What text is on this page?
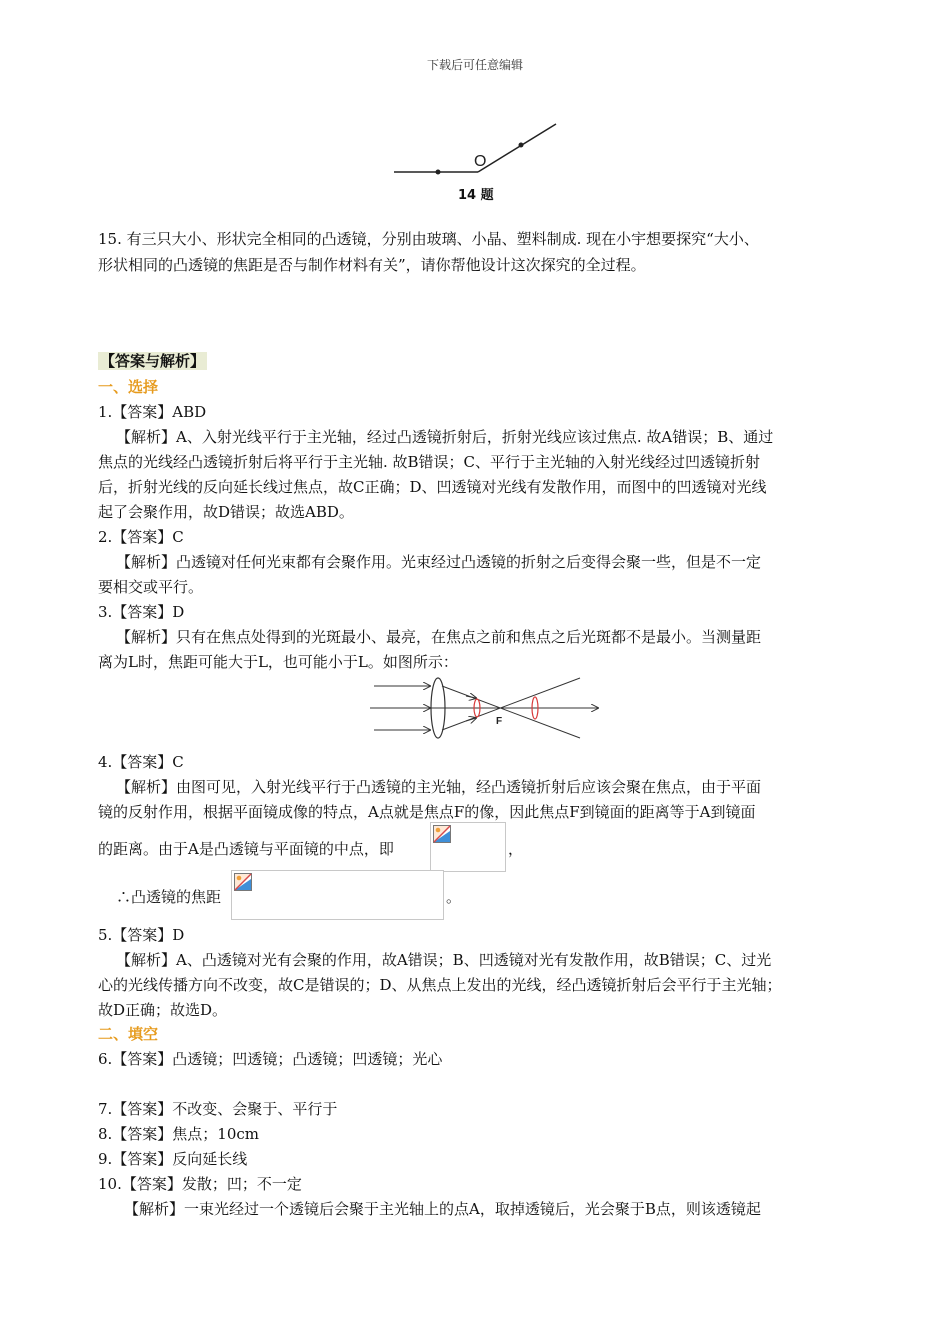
下载后可任意编辑
O
14 题
15. 有三只大小、形状完全相同的凸透镜，分别由玻璃、小晶、塑料制成. 现在小宇想要探究“大小、
形状相同的凸透镜的焦距是否与制作材料有关”，请你帮他设计这次探究的全过程。
【答案与解析】
一、选择
1.【答案】ABD
【解析】A、入射光线平行于主光轴，经过凸透镜折射后，折射光线应该过焦点. 故A错误；B、通过
焦点的光线经凸透镜折射后将平行于主光轴. 故B错误；C、平行于主光轴的入射光线经过凹透镜折射
后，折射光线的反向延长线过焦点，故C正确；D、凹透镜对光线有发散作用，而图中的凹透镜对光线
起了会聚作用，故D错误；故选ABD。
2.【答案】C
【解析】凸透镜对任何光束都有会聚作用。光束经过凸透镜的折射之后变得会聚一些，但是不一定
要相交或平行。
3.【答案】D
【解析】只有在焦点处得到的光斑最小、最亮，在焦点之前和焦点之后光斑都不是最小。当测量距
离为L时，焦距可能大于L，也可能小于L。如图所示：
F
4.【答案】C
【解析】由图可见，入射光线平行于凸透镜的主光轴，经凸透镜折射后应该会聚在焦点，由于平面
镜的反射作用，根据平面镜成像的特点，A点就是焦点F的像，因此焦点F到镜面的距离等于A到镜面
的距离。由于A是凸透镜与平面镜的中点，即	，
∴凸透镜的焦距	。
5.【答案】D
【解析】A、凸透镜对光有会聚的作用，故A错误；B、凹透镜对光有发散作用，故B错误；C、过光
心的光线传播方向不改变，故C是错误的；D、从焦点上发出的光线，经凸透镜折射后会平行于主光轴；
故D正确；故选D。
二、填空
6.【答案】凸透镜；凹透镜；凸透镜；凹透镜；光心
7.【答案】不改变、会聚于、平行于
8.【答案】焦点；10cm
9.【答案】反向延长线
10.【答案】发散；凹；不一定
【解析】一束光经过一个透镜后会聚于主光轴上的点A，取掉透镜后，光会聚于B点，则该透镜起
